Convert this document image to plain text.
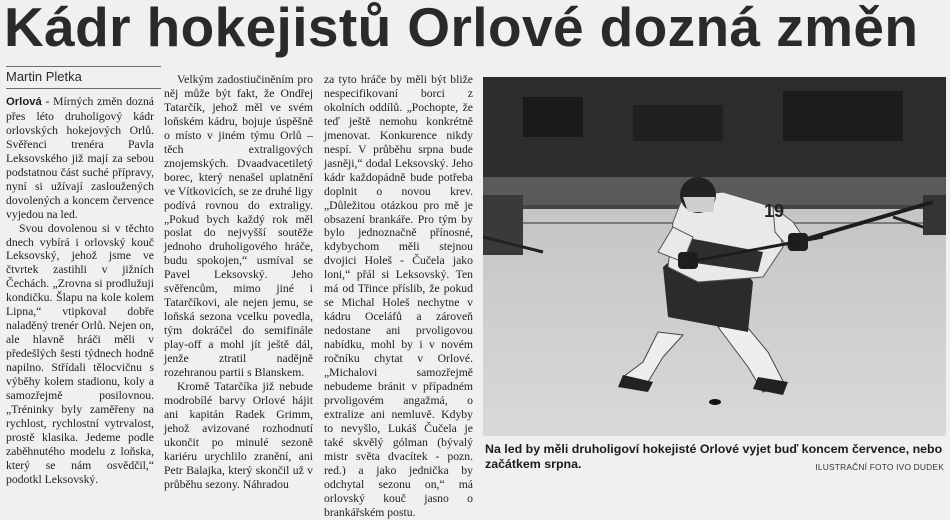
Kádr hokejistů Orlové dozná změn
Martin Pletka

Orlová - Mírných změn dozná přes léto druholigový kádr orlovských hokejových Orlů. Svěřenci trenéra Pavla Leksovského již mají za sebou podstatnou část suché přípravy, nyní si užívají zasloužených dovolených a koncem července vyjedou na led.

Svou dovolenou si v těchto dnech vybírá i orlovský kouč Leksovský, jehož jsme ve čtvrtek zastihli v jižních Čechách. „Zrovna si prodlužuji kondičku. Šlapu na kole kolem Lipna,“ vtipkoval dobře naladěný trenér Orlů. Nejen on, ale hlavně hráči měli v předešlých šesti týdnech hodně napilno. Střídali tělocvičnu s výběhy kolem stadionu, koly a samozřejmě posilovnou. „Tréninky byly zaměřeny na rychlost, rychlostní vytrvalost, prostě klasika. Jedeme podle zaběhnutého modelu z loňska, který se nám osvědčil,“ podotkl Leksovský.

Velkým zadostiučiněním pro něj může být fakt, že Ondřej Tatarčík, jehož měl ve svém loňském kádru, bojuje úspěšně o místo v jiném týmu Orlů – těch extraligových znojemských. Dvaadvacetiletý borec, který nenašel uplatnění ve Vítkovicích, se ze druhé ligy podívá rovnou do extraligy. „Pokud bych každý rok měl poslat do nejvyšší soutěže jednoho druholigového hráče, budu spokojen,“ usmíval se Pavel Leksovský. Jeho svěřencům, mimo jiné i Tatarčíkovi, ale nejen jemu, se loňská sezona vcelku povedla, tým dokráčel do semifinále play-off a mohl jít ještě dál, jenže ztratil nadějně rozehranou partii s Blanskem.

Kromě Tatarčíka již nebude modrobílé barvy Orlové hájit ani kapitán Radek Grimm, jehož avizované rozhodnutí ukončit po minulé sezoně kariéru urychlilo zranění, ani Petr Balajka, který skončil už v průběhu sezony. Náhradou

za tyto hráče by měli být bliže nespecifikovaní borci z okolních oddílů. „Pochopte, že teď ještě nemohu konkrétně jmenovat. Konkurence nikdy nespí. V průběhu srpna bude jasněji,“ dodal Leksovský. Jeho kádr každopádně bude potřeba doplnit o novou krev. „Důležitou otázkou pro mě je obsazení brankáře. Pro tým by bylo jednoznačně přínosné, kdybychom měli stejnou dvojici Holeš - Čučela jako loni,“ přál si Leksovský. Ten má od Třince příslib, že pokud se Michal Holeš nechytne v kádru Oceláfů a zároveň nedostane ani prvoligovou nabídku, mohl by i v novém ročníku chytat v Orlové. „Michalovi samozřejmě nebudeme bránit v případném prvoligovém angažmá, o extralize ani nemluvě. Kdyby to nevyšlo, Lukáš Čučela je také skvělý gólman (bývalý mistr světa dvacítek - pozn. red.) a jako jednička by odchytal sezonu on,“ má orlovský kouč jasno o brankářském postu.

19
Na led by měli druholigoví hokejisté Orlové vyjet buď koncem července, nebo začátkem srpna.	ILUSTRAČNÍ FOTO IVO DUDEK
